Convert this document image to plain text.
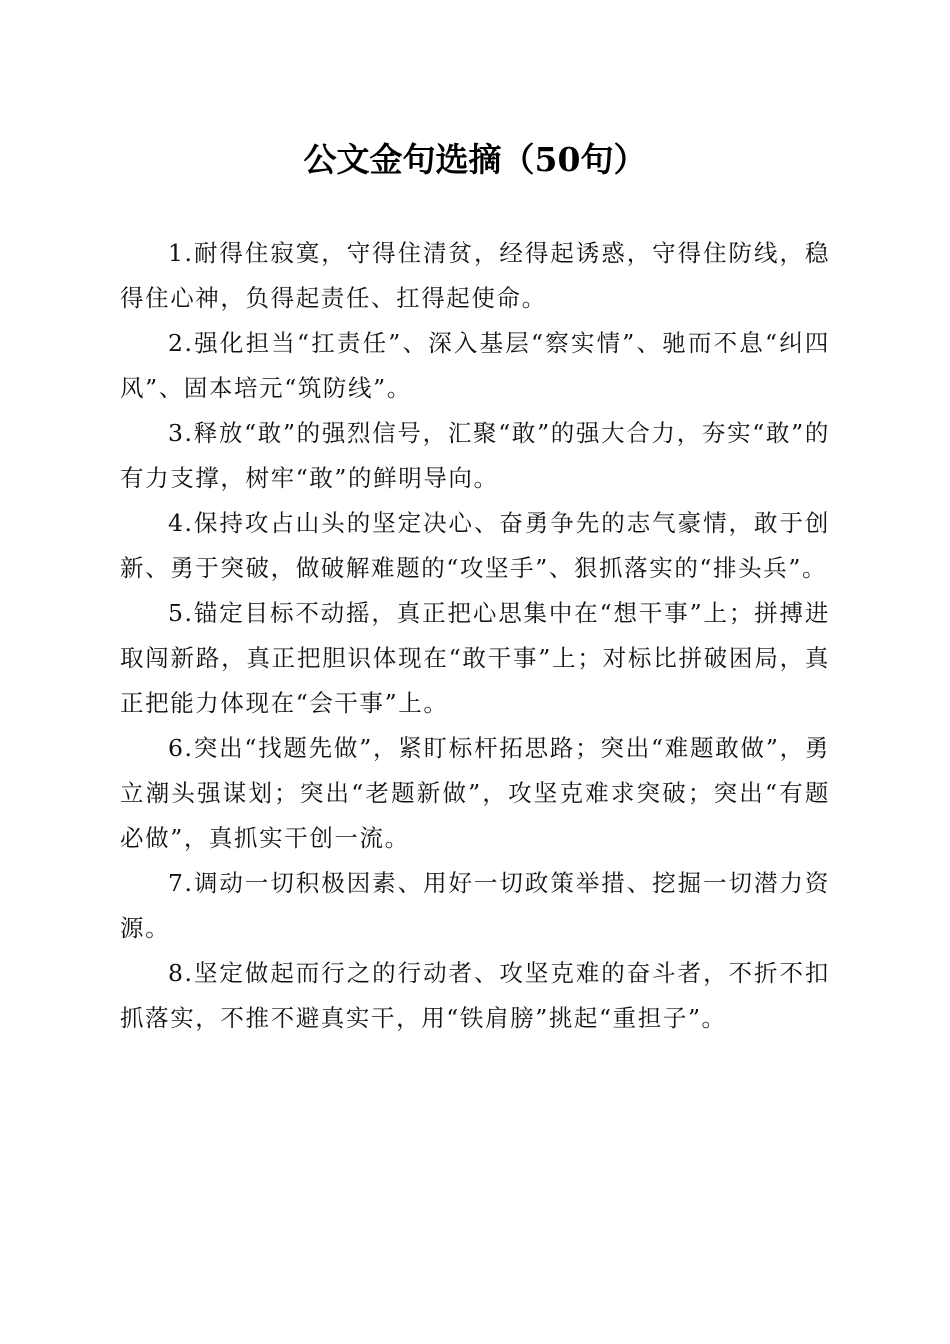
公文金句选摘（50句）

1.耐得住寂寞，守得住清贫，经得起诱惑，守得住防线，稳得住心神，负得起责任、扛得起使命。

2.强化担当“扛责任”、深入基层“察实情”、驰而不息“纠四风”、固本培元“筑防线”。

3.释放“敢”的强烈信号，汇聚“敢”的强大合力，夯实“敢”的有力支撑，树牢“敢”的鲜明导向。

4.保持攻占山头的坚定决心、奋勇争先的志气豪情，敢于创新、勇于突破，做破解难题的“攻坚手”、狠抓落实的“排头兵”。

5.锚定目标不动摇，真正把心思集中在“想干事”上；拼搏进取闯新路，真正把胆识体现在“敢干事”上；对标比拼破困局，真正把能力体现在“会干事”上。

6.突出“找题先做”，紧盯标杆拓思路；突出“难题敢做”，勇立潮头强谋划；突出“老题新做”，攻坚克难求突破；突出“有题必做”，真抓实干创一流。

7.调动一切积极因素、用好一切政策举措、挖掘一切潜力资源。

8.坚定做起而行之的行动者、攻坚克难的奋斗者，不折不扣抓落实，不推不避真实干，用“铁肩膀”挑起“重担子”。
